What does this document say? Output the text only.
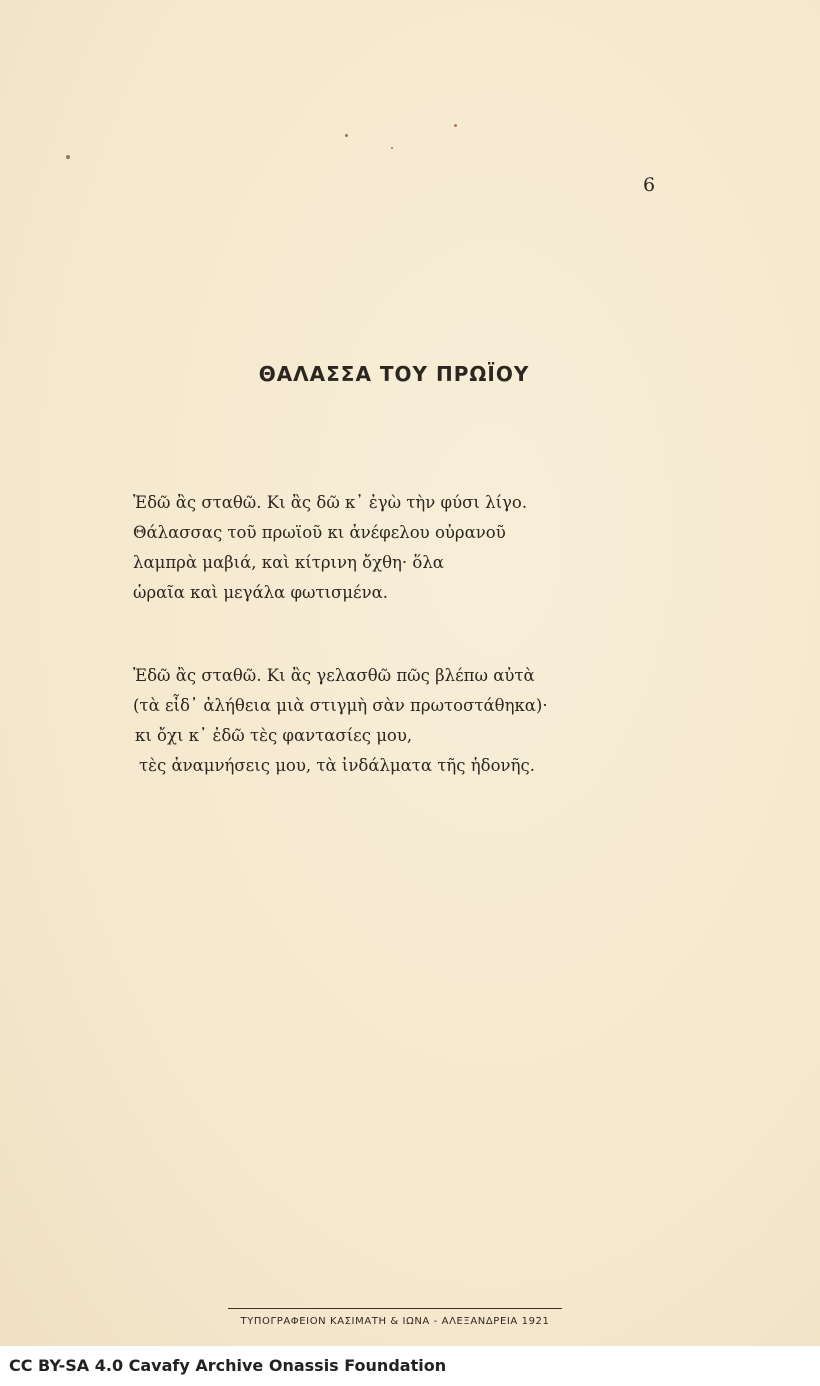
6
ΘΑΛΑΣΣΑ ΤΟΥ ΠΡΩΪΟΥ
Ἐδῶ ἂς σταθῶ. Κι ἂς δῶ κ᾽ ἐγὼ τὴν φύσι λίγο.
Θάλασσας τοῦ πρωϊοῦ κι ἀνέφελου οὐρανοῦ
λαμπρὰ μαβιά, καὶ κίτρινη ὄχθη· ὅλα
ὡραῖα καὶ μεγάλα φωτισμένα.
Ἐδῶ ἂς σταθῶ. Κι ἂς γελασθῶ πῶς βλέπω αὐτὰ
(τὰ εἶδ᾽ ἀλήθεια μιὰ στιγμὴ σὰν πρωτοστάθηκα)·
κι ὄχι κ᾽ ἐδῶ τὲς φαντασίες μου,
τὲς ἀναμνήσεις μου, τὰ ἰνδάλματα τῆς ἡδονῆς.
ΤΥΠΟΓΡΑΦΕΙΟΝ ΚΑΣΙΜΑΤΗ & ΙΩΝΑ - ΑΛΕΞΑΝΔΡΕΙΑ 1921
CC BY-SA 4.0 Cavafy Archive Onassis Foundation
